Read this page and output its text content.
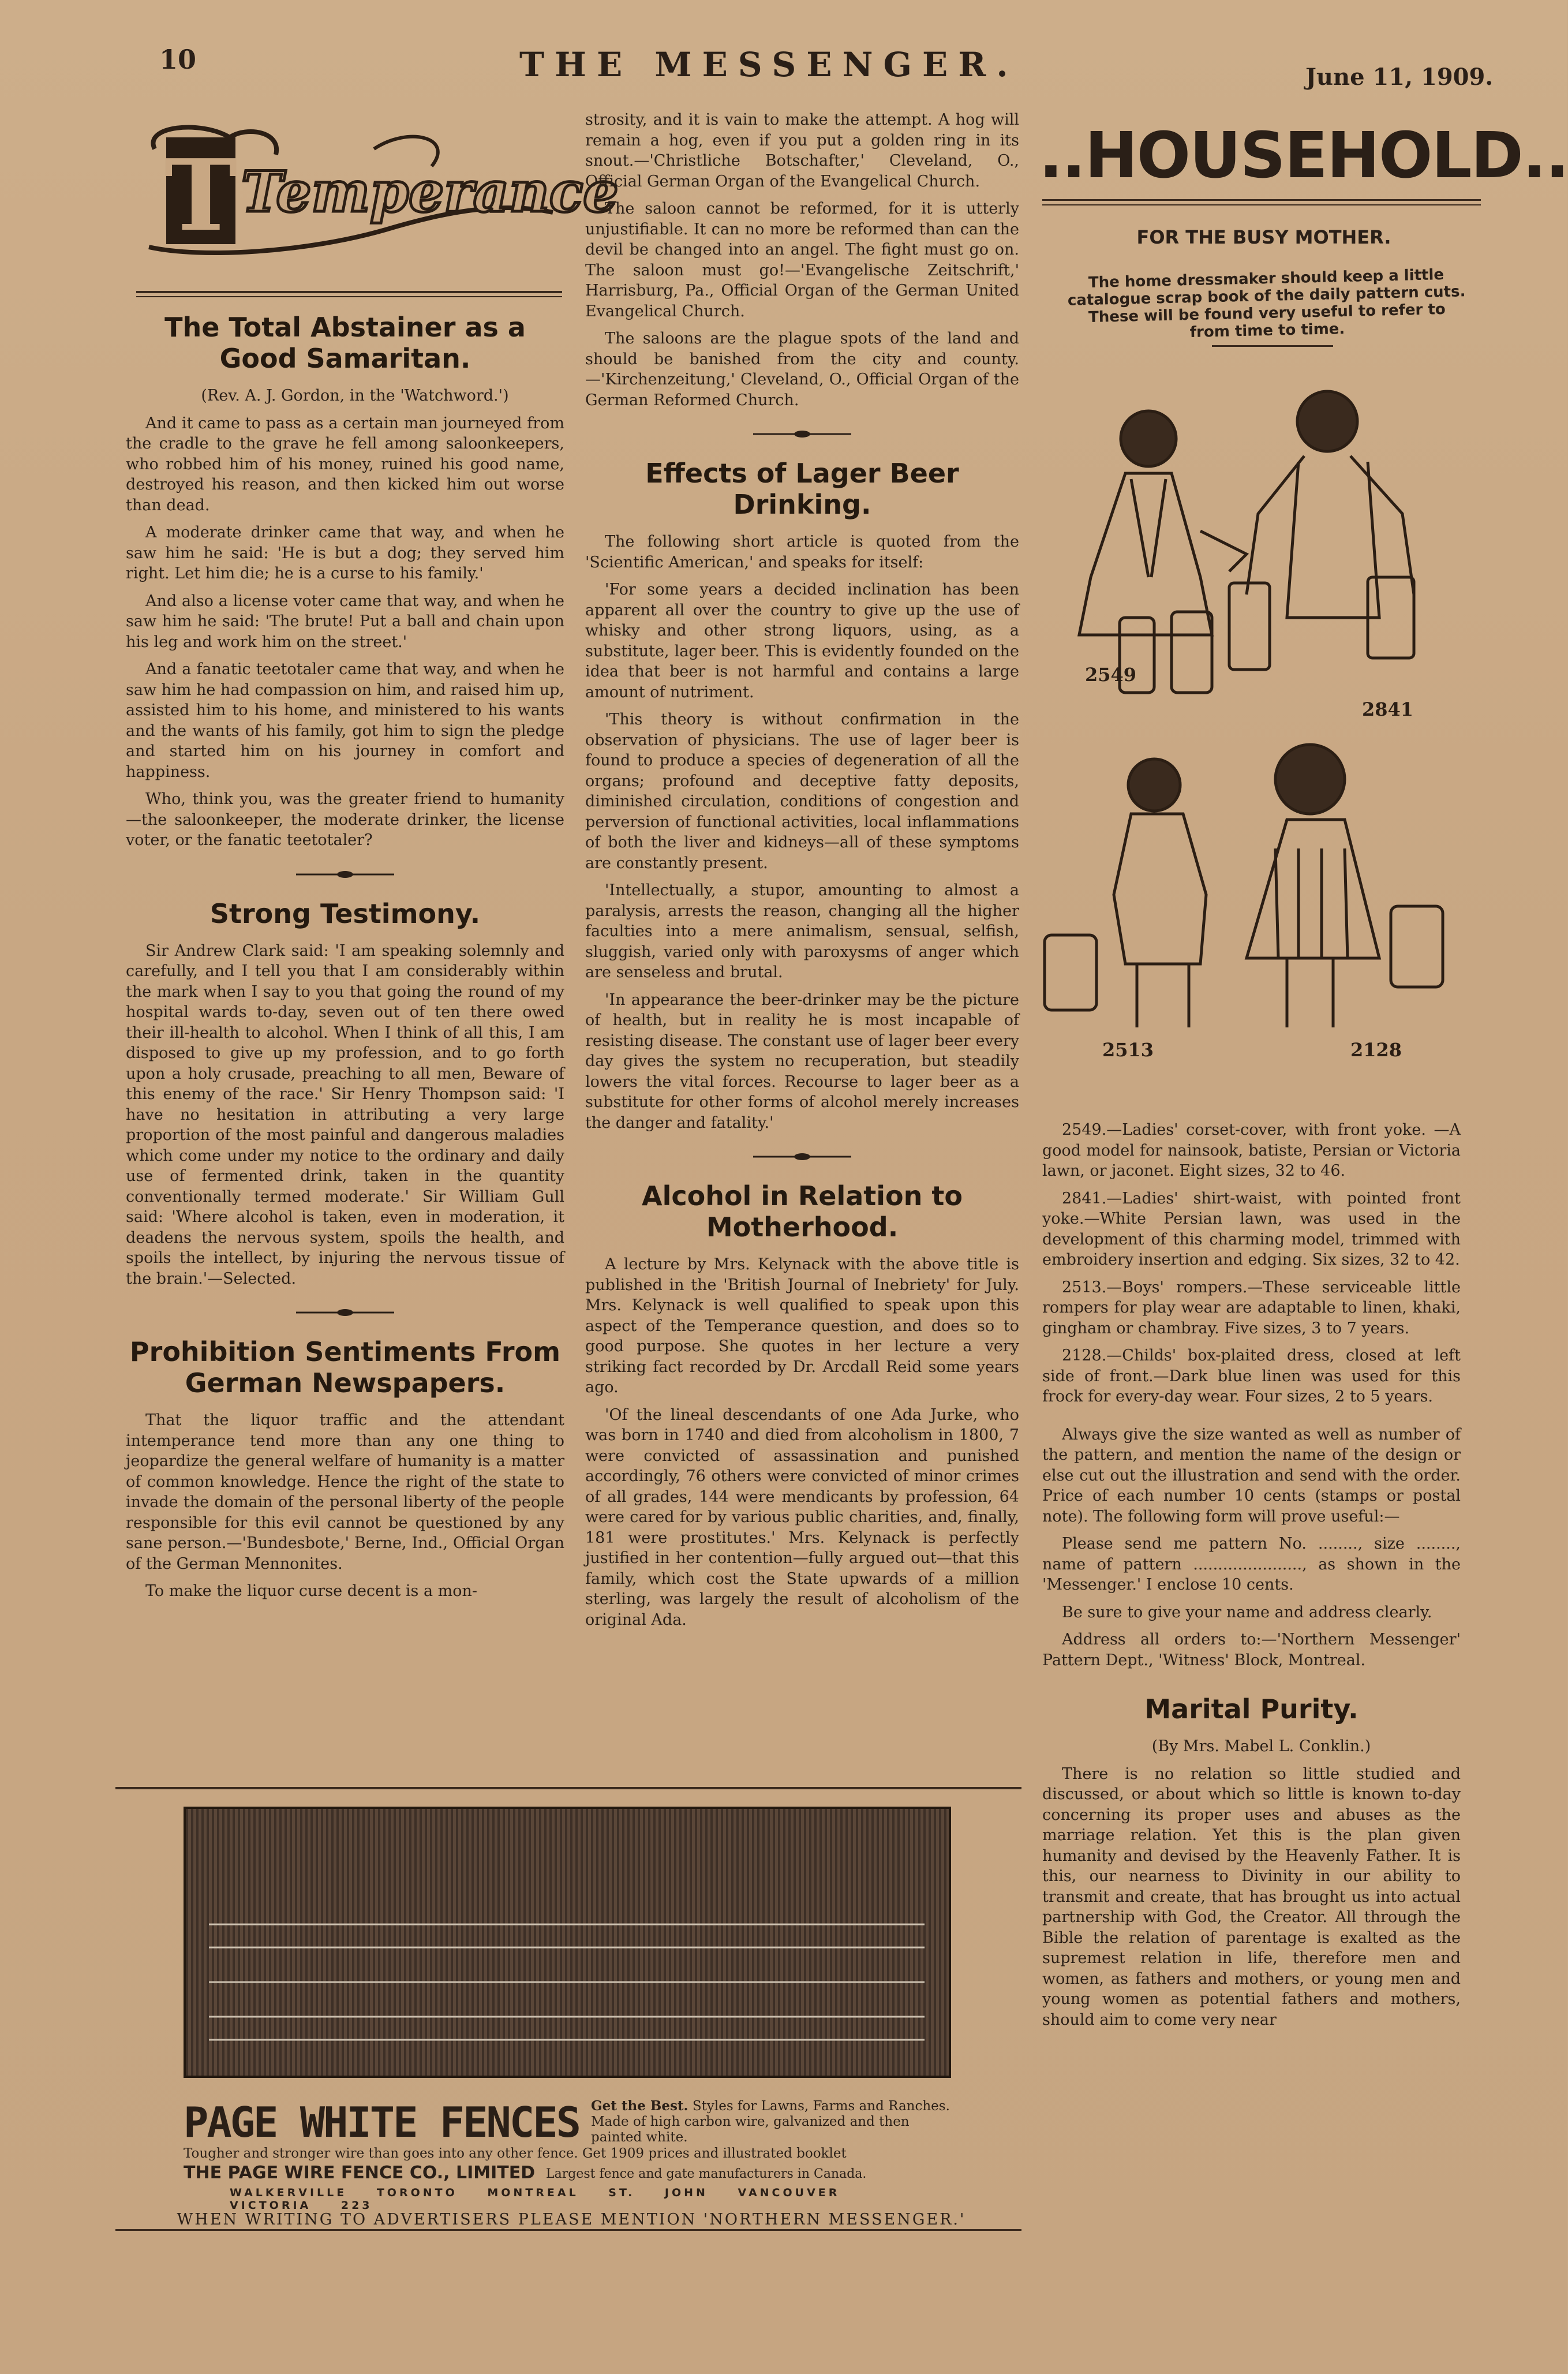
10	THE MESSENGER.	June 11, 1909.
T Temperance
The Total Abstainer as a Good Samaritan.

(Rev. A. J. Gordon, in the 'Watchword.')

And it came to pass as a certain man journeyed from the cradle to the grave he fell among saloonkeepers, who robbed him of his money, ruined his good name, destroyed his reason, and then kicked him out worse than dead.

A moderate drinker came that way, and when he saw him he said: 'He is but a dog; they served him right. Let him die; he is a curse to his family.'

And also a license voter came that way, and when he saw him he said: 'The brute! Put a ball and chain upon his leg and work him on the street.'

And a fanatic teetotaler came that way, and when he saw him he had compassion on him, and raised him up, assisted him to his home, and ministered to his wants and the wants of his family, got him to sign the pledge and started him on his journey in comfort and happiness.

Who, think you, was the greater friend to humanity—the saloonkeeper, the moderate drinker, the license voter, or the fanatic teetotaler?

Strong Testimony.

Sir Andrew Clark said: 'I am speaking solemnly and carefully, and I tell you that I am considerably within the mark when I say to you that going the round of my hospital wards to-day, seven out of ten there owed their ill-health to alcohol. When I think of all this, I am disposed to give up my profession, and to go forth upon a holy crusade, preaching to all men, Beware of this enemy of the race.' Sir Henry Thompson said: 'I have no hesitation in attributing a very large proportion of the most painful and dangerous maladies which come under my notice to the ordinary and daily use of fermented drink, taken in the quantity conventionally termed moderate.' Sir William Gull said: 'Where alcohol is taken, even in moderation, it deadens the nervous system, spoils the health, and spoils the intellect, by injuring the nervous tissue of the brain.'—Selected.

Prohibition Sentiments From German Newspapers.

That the liquor traffic and the attendant intemperance tend more than any one thing to jeopardize the general welfare of humanity is a matter of common knowledge. Hence the right of the state to invade the domain of the personal liberty of the people responsible for this evil cannot be questioned by any sane person.—'Bundesbote,' Berne, Ind., Official Organ of the German Mennonites.

To make the liquor curse decent is a mon-

strosity, and it is vain to make the attempt. A hog will remain a hog, even if you put a golden ring in its snout.—'Christliche Botschafter,' Cleveland, O., Official German Organ of the Evangelical Church.

The saloon cannot be reformed, for it is utterly unjustifiable. It can no more be reformed than can the devil be changed into an angel. The fight must go on. The saloon must go!—'Evangelische Zeitschrift,' Harrisburg, Pa., Official Organ of the German United Evangelical Church.

The saloons are the plague spots of the land and should be banished from the city and county.—'Kirchenzeitung,' Cleveland, O., Official Organ of the German Reformed Church.

Effects of Lager Beer Drinking.

The following short article is quoted from the 'Scientific American,' and speaks for itself:

'For some years a decided inclination has been apparent all over the country to give up the use of whisky and other strong liquors, using, as a substitute, lager beer. This is evidently founded on the idea that beer is not harmful and contains a large amount of nutriment.

'This theory is without confirmation in the observation of physicians. The use of lager beer is found to produce a species of degeneration of all the organs; profound and deceptive fatty deposits, diminished circulation, conditions of congestion and perversion of functional activities, local inflammations of both the liver and kidneys—all of these symptoms are constantly present.

'Intellectually, a stupor, amounting to almost a paralysis, arrests the reason, changing all the higher faculties into a mere animalism, sensual, selfish, sluggish, varied only with paroxysms of anger which are senseless and brutal.

'In appearance the beer-drinker may be the picture of health, but in reality he is most incapable of resisting disease. The constant use of lager beer every day gives the system no recuperation, but steadily lowers the vital forces. Recourse to lager beer as a substitute for other forms of alcohol merely increases the danger and fatality.'

Alcohol in Relation to Motherhood.

A lecture by Mrs. Kelynack with the above title is published in the 'British Journal of Inebriety' for July. Mrs. Kelynack is well qualified to speak upon this aspect of the Temperance question, and does so to good purpose. She quotes in her lecture a very striking fact recorded by Dr. Arcdall Reid some years ago.

'Of the lineal descendants of one Ada Jurke, who was born in 1740 and died from alcoholism in 1800, 7 were convicted of assassination and punished accordingly, 76 others were convicted of minor crimes of all grades, 144 were mendicants by profession, 64 were cared for by various public charities, and, finally, 181 were prostitutes.' Mrs. Kelynack is perfectly justified in her contention—fully argued out—that this family, which cost the State upwards of a million sterling, was largely the result of alcoholism of the original Ada.

..HOUSEHOLD..
FOR THE BUSY MOTHER.
The home dressmaker should keep a little catalogue scrap book of the daily pattern cuts. These will be found very useful to refer to from time to time.
2549
2841
2513	2128

2549.—Ladies' corset-cover, with front yoke. —A good model for nainsook, batiste, Persian or Victoria lawn, or jaconet. Eight sizes, 32 to 46.

2841.—Ladies' shirt-waist, with pointed front yoke.—White Persian lawn, was used in the development of this charming model, trimmed with embroidery insertion and edging. Six sizes, 32 to 42.

2513.—Boys' rompers.—These serviceable little rompers for play wear are adaptable to linen, khaki, gingham or chambray. Five sizes, 3 to 7 years.

2128.—Childs' box-plaited dress, closed at left side of front.—Dark blue linen was used for this frock for every-day wear. Four sizes, 2 to 5 years.

Always give the size wanted as well as number of the pattern, and mention the name of the design or else cut out the illustration and send with the order. Price of each number 10 cents (stamps or postal note). The following form will prove useful:—

Please send me pattern No. ........, size ........, name of pattern ......................, as shown in the 'Messenger.' I enclose 10 cents.

Be sure to give your name and address clearly.

Address all orders to:—'Northern Messenger' Pattern Dept., 'Witness' Block, Montreal.

Marital Purity.

(By Mrs. Mabel L. Conklin.)

There is no relation so little studied and discussed, or about which so little is known to-day concerning its proper uses and abuses as the marriage relation. Yet this is the plan given humanity and devised by the Heavenly Father. It is this, our nearness to Divinity in our ability to transmit and create, that has brought us into actual partnership with God, the Creator. All through the Bible the relation of parentage is exalted as the supremest relation in life, therefore men and women, as fathers and mothers, or young men and young women as potential fathers and mothers, should aim to come very near

PAGE WHITE FENCES Get the Best. Styles for Lawns, Farms and Ranches. Made of high carbon wire, galvanized and then painted white.
Tougher and stronger wire than goes into any other fence. Get 1909 prices and illustrated booklet
THE PAGE WIRE FENCE CO., LIMITED Largest fence and gate manufacturers in Canada.
WALKERVILLE TORONTO MONTREAL ST. JOHN VANCOUVER VICTORIA 223
WHEN WRITING TO ADVERTISERS PLEASE MENTION 'NORTHERN MESSENGER.'
